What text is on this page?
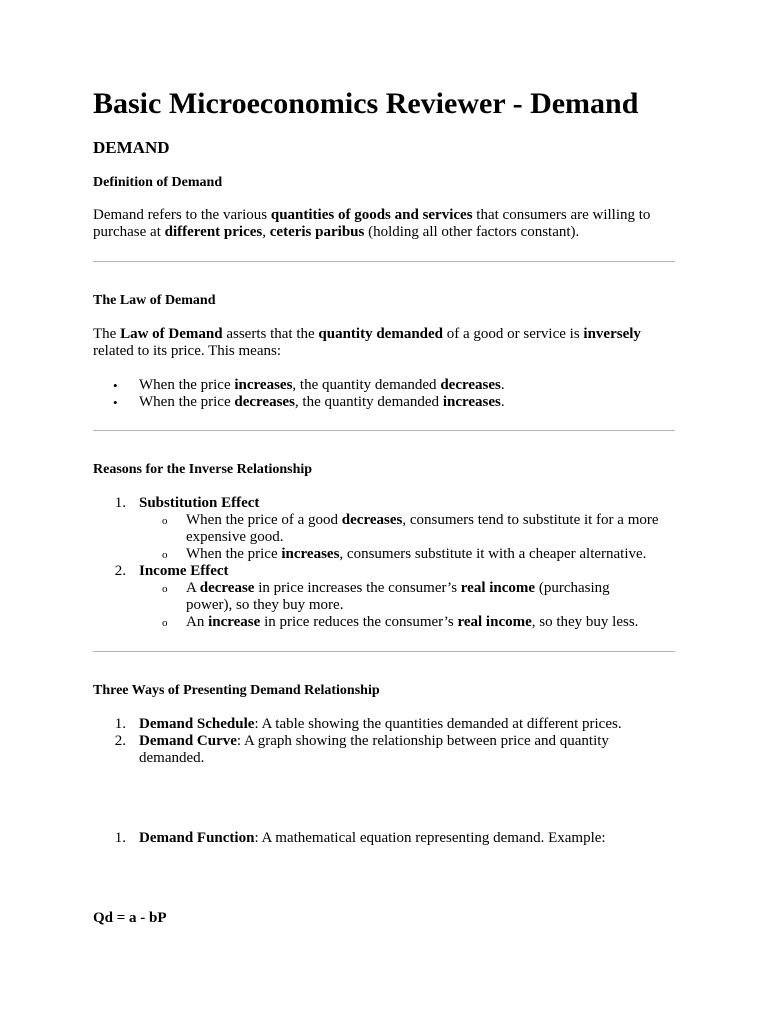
Basic Microeconomics Reviewer - Demand
DEMAND
Definition of Demand
Demand refers to the various quantities of goods and services that consumers are willing to purchase at different prices, ceteris paribus (holding all other factors constant).
The Law of Demand
The Law of Demand asserts that the quantity demanded of a good or service is inversely related to its price. This means:
• When the price increases, the quantity demanded decreases.
• When the price decreases, the quantity demanded increases.
Reasons for the Inverse Relationship
1. Substitution Effect
o When the price of a good decreases, consumers tend to substitute it for a more expensive good.
o When the price increases, consumers substitute it with a cheaper alternative.
2. Income Effect
o A decrease in price increases the consumer’s real income (purchasing power), so they buy more.
o An increase in price reduces the consumer’s real income, so they buy less.
Three Ways of Presenting Demand Relationship
1. Demand Schedule: A table showing the quantities demanded at different prices.
2. Demand Curve: A graph showing the relationship between price and quantity demanded.
1. Demand Function: A mathematical equation representing demand. Example:
Qd = a - bP
